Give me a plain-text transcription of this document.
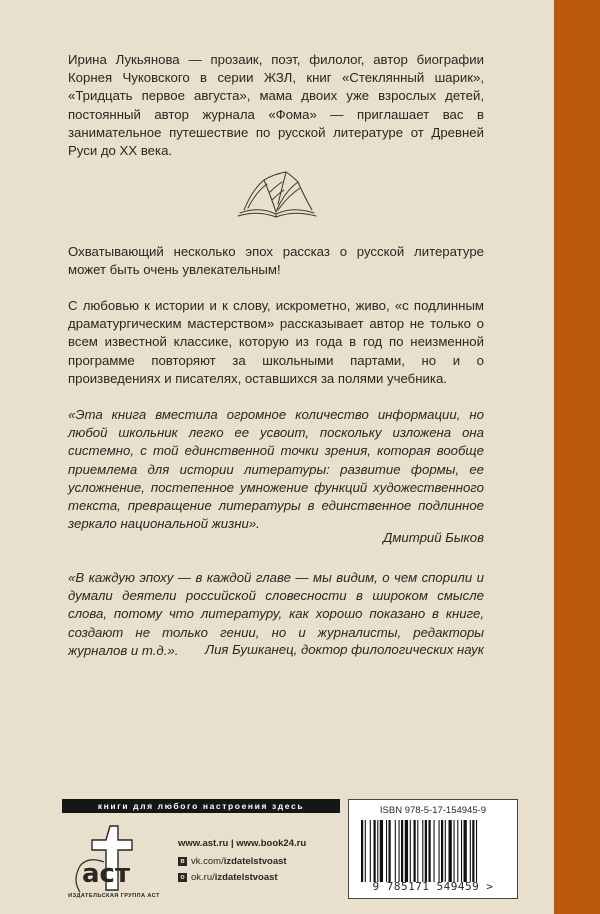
Ирина Лукьянова — прозаик, поэт, филолог, автор биографии Корнея Чуковского в серии ЖЗЛ, книг «Стеклянный шарик», «Тридцать первое августа», мама двоих уже взрослых детей, постоянный автор журнала «Фома» — приглашает вас в занимательное путешествие по русской литературе от Древней Руси до XX века.

Охватывающий несколько эпох рассказ о русской литературе может быть очень увлекательным!

С любовью к истории и к слову, искрометно, живо, «с подлинным драматургическим мастерством» рассказывает автор не только о всем известной классике, которую из года в год по неизменной программе повторяют за школьными партами, но и о произведениях и писателях, оставшихся за полями учебника.

«Эта книга вместила огромное количество информации, но любой школьник легко ее усвоит, поскольку изложена она системно, с той единственной точки зрения, которая вообще приемлема для истории литературы: развитие формы, ее усложнение, постепенное умножение функций художественного текста, превращение литературы в единственное подлинное зеркало национальной жизни».

Дмитрий Быков

«В каждую эпоху — в каждой главе — мы видим, о чем спорили и думали деятели российской словесности в широком смысле слова, потому что литературу, как хорошо показано в книге, создают не только гении, но и журналисты, редакторы журналов и т.д.».	Лия Бушканец, доктор филологических наук
книги для любого настроения здесь
аст
ИЗДАТЕЛЬСКАЯ ГРУППА АСТ
www.ast.ru | www.book24.ru
в vk.com/izdatelstvoast
о ok.ru/izdatelstvoast
ISBN 978-5-17-154945-9
9 785171 549459 >
